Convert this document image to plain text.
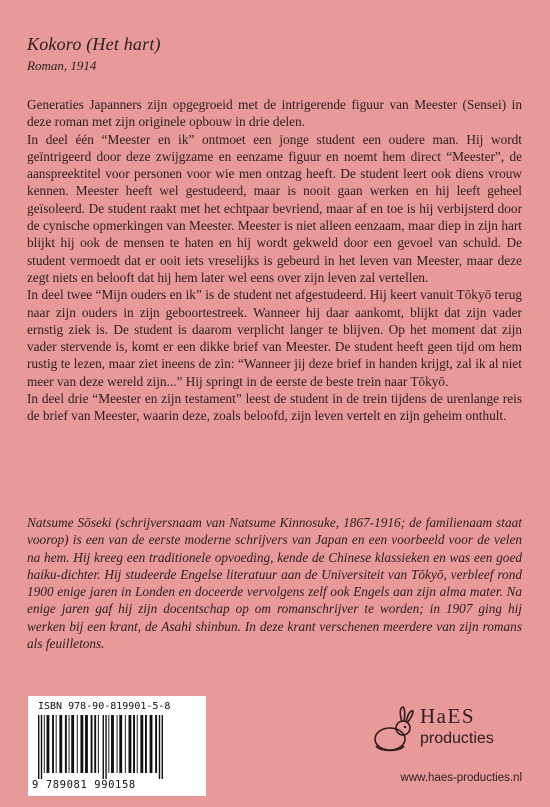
Kokoro (Het hart)
Roman, 1914

Generaties Japanners zijn opgegroeid met de intrigerende figuur van Meester (Sensei) in deze roman met zijn originele opbouw in drie delen.

In deel één “Meester en ik” ontmoet een jonge student een oudere man. Hij wordt geïntrigeerd door deze zwijgzame en eenzame figuur en noemt hem direct “Meester”, de aanspreektitel voor personen voor wie men ontzag heeft. De student leert ook diens vrouw kennen. Meester heeft wel gestudeerd, maar is nooit gaan werken en hij leeft geheel geïsoleerd. De student raakt met het echtpaar bevriend, maar af en toe is hij verbijsterd door de cynische opmerkingen van Meester. Meester is niet alleen eenzaam, maar diep in zijn hart blijkt hij ook de mensen te haten en hij wordt gekweld door een gevoel van schuld. De student vermoedt dat er ooit iets vreselijks is gebeurd in het leven van Meester, maar deze zegt niets en belooft dat hij hem later wel eens over zijn leven zal vertellen.

In deel twee “Mijn ouders en ik” is de student net afgestudeerd. Hij keert vanuit Tōkyō terug naar zijn ouders in zijn geboortestreek. Wanneer hij daar aankomt, blijkt dat zijn vader ernstig ziek is. De student is daarom verplicht langer te blijven. Op het moment dat zijn vader stervende is, komt er een dikke brief van Meester. De student heeft geen tijd om hem rustig te lezen, maar ziet ineens de zin: “Wanneer jij deze brief in handen krijgt, zal ik al niet meer van deze wereld zijn...” Hij springt in de eerste de beste trein naar Tōkyō.

In deel drie “Meester en zijn testament” leest de student in de trein tijdens de urenlange reis de brief van Meester, waarin deze, zoals beloofd, zijn leven vertelt en zijn geheim onthult.

Natsume Sōseki (schrijversnaam van Natsume Kinnosuke, 1867-1916; de familienaam staat voorop) is een van de eerste moderne schrijvers van Japan en een voorbeeld voor de velen na hem. Hij kreeg een traditionele opvoeding, kende de Chinese klassieken en was een goed haiku-dichter. Hij studeerde Engelse literatuur aan de Universiteit van Tōkyō, verbleef rond 1900 enige jaren in Londen en doceerde vervolgens zelf ook Engels aan zijn alma mater. Na enige jaren gaf hij zijn docentschap op om romanschrijver te worden; in 1907 ging hij werken bij een krant, de Asahi shinbun. In deze krant verschenen meerdere van zijn romans als feuilletons.
ISBN 978-90-819901-5-8
9 789081 990158
HaES
producties
www.haes-producties.nl
